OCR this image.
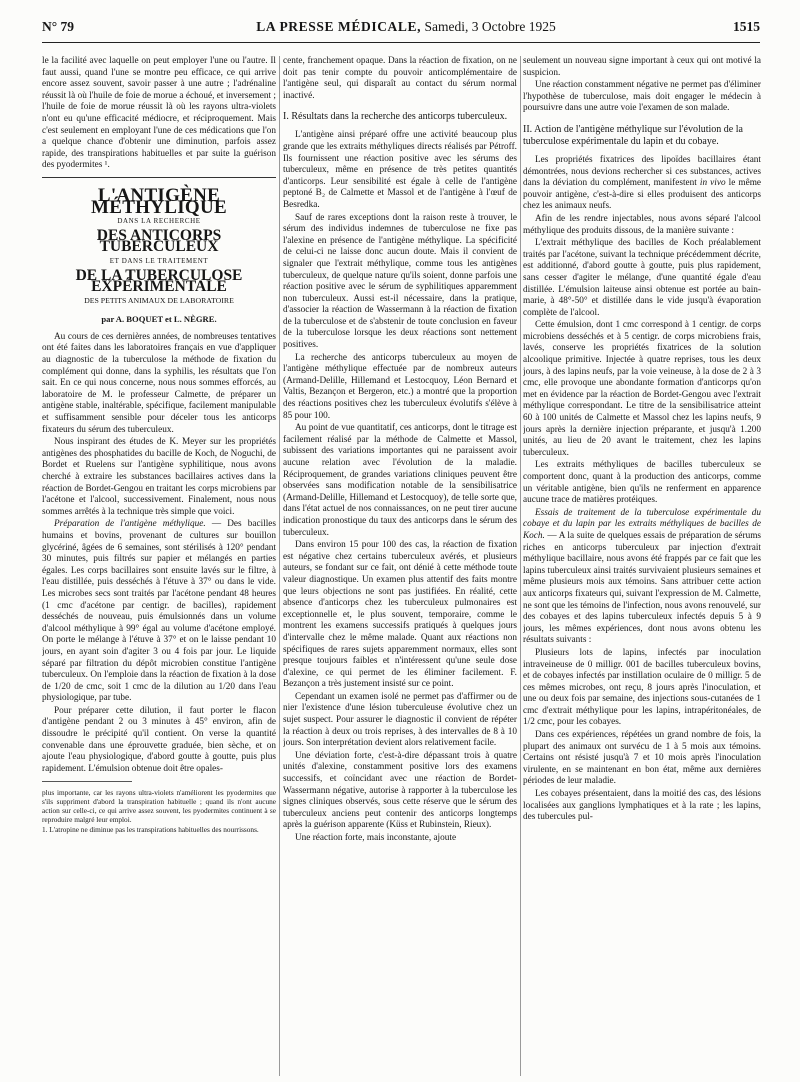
N° 79	LA PRESSE MÉDICALE, Samedi, 3 Octobre 1925	1515

le la facilité avec laquelle on peut employer l'une ou l'autre. Il faut aussi, quand l'une se montre peu efficace, ce qui arrive encore assez souvent, savoir passer à une autre ; l'adrénaline réussit là où l'huile de foie de morue a échoué, et inversement ; l'huile de foie de morue réussit là où les rayons ultra-violets n'ont eu qu'une efficacité médiocre, et réciproquement. Mais c'est seulement en employant l'une de ces médications que l'on a quelque chance d'obtenir une diminution, parfois assez rapide, des transpirations habituelles et par suite la guérison des pyodermites ¹.

L'ANTIGÈNE MÉTHYLIQUE
DANS LA RECHERCHE
DES ANTICORPS TUBERCULEUX
ET DANS LE TRAITEMENT
DE LA TUBERCULOSE EXPÉRIMENTALE
DES PETITS ANIMAUX DE LABORATOIRE
par A. BOQUET et L. NÈGRE.

Au cours de ces dernières années, de nombreuses tentatives ont été faites dans les laboratoires français en vue d'appliquer au diagnostic de la tuberculose la méthode de fixation du complément qui donne, dans la syphilis, les résultats que l'on sait. En ce qui nous concerne, nous nous sommes efforcés, au laboratoire de M. le professeur Calmette, de préparer un antigène stable, inaltérable, spécifique, facilement manipulable et suffisamment sensible pour déceler tous les anticorps fixateurs du sérum des tuberculeux.

Nous inspirant des études de K. Meyer sur les propriétés antigènes des phosphatides du bacille de Koch, de Noguchi, de Bordet et Ruelens sur l'antigène syphilitique, nous avons cherché à extraire les substances bacillaires actives dans la réaction de Bordet-Gengou en traitant les corps microbiens par l'acétone et l'alcool, successivement. Finalement, nous nous sommes arrêtés à la technique très simple que voici.

Préparation de l'antigène méthylique. — Des bacilles humains et bovins, provenant de cultures sur bouillon glycériné, âgées de 6 semaines, sont stérilisés à 120° pendant 30 minutes, puis filtrés sur papier et mélangés en parties égales. Les corps bacillaires sont ensuite lavés sur le filtre, à l'eau distillée, puis desséchés à l'étuve à 37° ou dans le vide. Les microbes secs sont traités par l'acétone pendant 48 heures (1 cmc d'acétone par centigr. de bacilles), rapidement desséchés de nouveau, puis émulsionnés dans un volume d'alcool méthylique à 99° égal au volume d'acétone employé. On porte le mélange à l'étuve à 37° et on le laisse pendant 10 jours, en ayant soin d'agiter 3 ou 4 fois par jour. Le liquide séparé par filtration du dépôt microbien constitue l'antigène tuberculeux. On l'emploie dans la réaction de fixation à la dose de 1/20 de cmc, soit 1 cmc de la dilution au 1/20 dans l'eau physiologique, par tube.

Pour préparer cette dilution, il faut porter le flacon d'antigène pendant 2 ou 3 minutes à 45° environ, afin de dissoudre le précipité qu'il contient. On verse la quantité convenable dans une éprouvette graduée, bien sèche, et on ajoute l'eau physiologique, d'abord goutte à goutte, puis plus rapidement. L'émulsion obtenue doit être opales-

plus importante, car les rayons ultra-violets n'améliorent les pyodermites que s'ils suppriment d'abord la transpiration habituelle ; quand ils n'ont aucune action sur celle-ci, ce qui arrive assez souvent, les pyodermites continuent à se reproduire malgré leur emploi.

1. L'atropine ne diminue pas les transpirations habituelles des nourrissons.

cente, franchement opaque. Dans la réaction de fixation, on ne doit pas tenir compte du pouvoir anticomplémentaire de l'antigène seul, qui disparaît au contact du sérum normal inactivé.

I. Résultats dans la recherche des anticorps tuberculeux.

L'antigène ainsi préparé offre une activité beaucoup plus grande que les extraits méthyliques directs réalisés par Pétroff. Ils fournissent une réaction positive avec les sérums des tuberculeux, même en présence de très petites quantités d'anticorps. Leur sensibilité est égale à celle de l'antigène peptoné B₂ de Calmette et Massol et de l'antigène à l'œuf de Besredka.

Sauf de rares exceptions dont la raison reste à trouver, le sérum des individus indemnes de tuberculose ne fixe pas l'alexine en présence de l'antigène méthylique. La spécificité de celui-ci ne laisse donc aucun doute. Mais il convient de signaler que l'extrait méthylique, comme tous les antigènes tuberculeux, de quelque nature qu'ils soient, donne parfois une réaction positive avec le sérum de syphilitiques apparemment non tuberculeux. Aussi est-il nécessaire, dans la pratique, d'associer la réaction de Wassermann à la réaction de fixation de la tuberculose et de s'abstenir de toute conclusion en faveur de la tuberculose lorsque les deux réactions sont nettement positives.

La recherche des anticorps tuberculeux au moyen de l'antigène méthylique effectuée par de nombreux auteurs (Armand-Delille, Hillemand et Lestocquoy, Léon Bernard et Valtis, Bezançon et Bergeron, etc.) a montré que la proportion des réactions positives chez les tuberculeux évolutifs s'élève à 85 pour 100.

Au point de vue quantitatif, ces anticorps, dont le titrage est facilement réalisé par la méthode de Calmette et Massol, subissent des variations importantes qui ne paraissent avoir aucune relation avec l'évolution de la maladie. Réciproquement, de grandes variations cliniques peuvent être observées sans modification notable de la sensibilisatrice (Armand-Delille, Hillemand et Lestocquoy), de telle sorte que, dans l'état actuel de nos connaissances, on ne peut tirer aucune indication pronostique du taux des anticorps dans le sérum des tuberculeux.

Dans environ 15 pour 100 des cas, la réaction de fixation est négative chez certains tuberculeux avérés, et plusieurs auteurs, se fondant sur ce fait, ont dénié à cette méthode toute valeur diagnostique. Un examen plus attentif des faits montre que leurs objections ne sont pas justifiées. En réalité, cette absence d'anticorps chez les tuberculeux pulmonaires est exceptionnelle et, le plus souvent, temporaire, comme le montrent les examens successifs pratiqués à quelques jours d'intervalle chez le même malade. Quant aux réactions non spécifiques de rares sujets apparemment normaux, elles sont presque toujours faibles et n'intéressent qu'une seule dose d'alexine, ce qui permet de les éliminer facilement. F. Bezançon a très justement insisté sur ce point.

Cependant un examen isolé ne permet pas d'affirmer ou de nier l'existence d'une lésion tuberculeuse évolutive chez un sujet suspect. Pour assurer le diagnostic il convient de répéter la réaction à deux ou trois reprises, à des intervalles de 8 à 10 jours. Son interprétation devient alors relativement facile.

Une déviation forte, c'est-à-dire dépassant trois à quatre unités d'alexine, constamment positive lors des examens successifs, et coïncidant avec une réaction de Bordet-Wassermann négative, autorise à rapporter à la tuberculose les signes cliniques observés, sous cette réserve que le sérum des tuberculeux anciens peut contenir des anticorps longtemps après la guérison apparente (Küss et Rubinstein, Rieux).

Une réaction forte, mais inconstante, ajoute

seulement un nouveau signe important à ceux qui ont motivé la suspicion.

Une réaction constamment négative ne permet pas d'éliminer l'hypothèse de tuberculose, mais doit engager le médecin à poursuivre dans une autre voie l'examen de son malade.

II. Action de l'antigène méthylique sur l'évolution de la tuberculose expérimentale du lapin et du cobaye.

Les propriétés fixatrices des lipoïdes bacillaires étant démontrées, nous devions rechercher si ces substances, actives dans la déviation du complément, manifestent in vivo le même pouvoir antigène, c'est-à-dire si elles produisent des anticorps chez les animaux neufs.

Afin de les rendre injectables, nous avons séparé l'alcool méthylique des produits dissous, de la manière suivante :

L'extrait méthylique des bacilles de Koch préalablement traités par l'acétone, suivant la technique précédemment décrite, est additionné, d'abord goutte à goutte, puis plus rapidement, sans cesser d'agiter le mélange, d'une quantité égale d'eau distillée. L'émulsion laiteuse ainsi obtenue est portée au bain-marie, à 48°-50° et distillée dans le vide jusqu'à évaporation complète de l'alcool.

Cette émulsion, dont 1 cmc correspond à 1 centigr. de corps microbiens desséchés et à 5 centigr. de corps microbiens frais, lavés, conserve les propriétés fixatrices de la solution alcoolique primitive. Injectée à quatre reprises, tous les deux jours, à des lapins neufs, par la voie veineuse, à la dose de 2 à 3 cmc, elle provoque une abondante formation d'anticorps qu'on met en évidence par la réaction de Bordet-Gengou avec l'extrait méthylique correspondant. Le titre de la sensibilisatrice atteint 60 à 100 unités de Calmette et Massol chez les lapins neufs, 9 jours après la dernière injection préparante, et jusqu'à 1.200 unités, au lieu de 20 avant le traitement, chez les lapins tuberculeux.

Les extraits méthyliques de bacilles tuberculeux se comportent donc, quant à la production des anticorps, comme un véritable antigène, bien qu'ils ne renferment en apparence aucune trace de matières protéiques.

Essais de traitement de la tuberculose expérimentale du cobaye et du lapin par les extraits méthyliques de bacilles de Koch. — A la suite de quelques essais de préparation de sérums riches en anticorps tuberculeux par injection d'extrait méthylique bacillaire, nous avons été frappés par ce fait que les lapins tuberculeux ainsi traités survivaient plusieurs semaines et même plusieurs mois aux témoins. Sans attribuer cette action aux anticorps fixateurs qui, suivant l'expression de M. Calmette, ne sont que les témoins de l'infection, nous avons renouvelé, sur des cobayes et des lapins tuberculeux infectés depuis 5 à 9 jours, les mêmes expériences, dont nous avons obtenu les résultats suivants :

Plusieurs lots de lapins, infectés par inoculation intraveineuse de 0 milligr. 001 de bacilles tuberculeux bovins, et de cobayes infectés par instillation oculaire de 0 milligr. 5 de ces mêmes microbes, ont reçu, 8 jours après l'inoculation, et une ou deux fois par semaine, des injections sous-cutanées de 1 cmc d'extrait méthylique pour les lapins, intrapéritonéales, de 1/2 cmc, pour les cobayes.

Dans ces expériences, répétées un grand nombre de fois, la plupart des animaux ont survécu de 1 à 5 mois aux témoins. Certains ont résisté jusqu'à 7 et 10 mois après l'inoculation virulente, en se maintenant en bon état, même aux dernières périodes de leur maladie.

Les cobayes présentaient, dans la moitié des cas, des lésions localisées aux ganglions lymphatiques et à la rate ; les lapins, des tubercules pul-
